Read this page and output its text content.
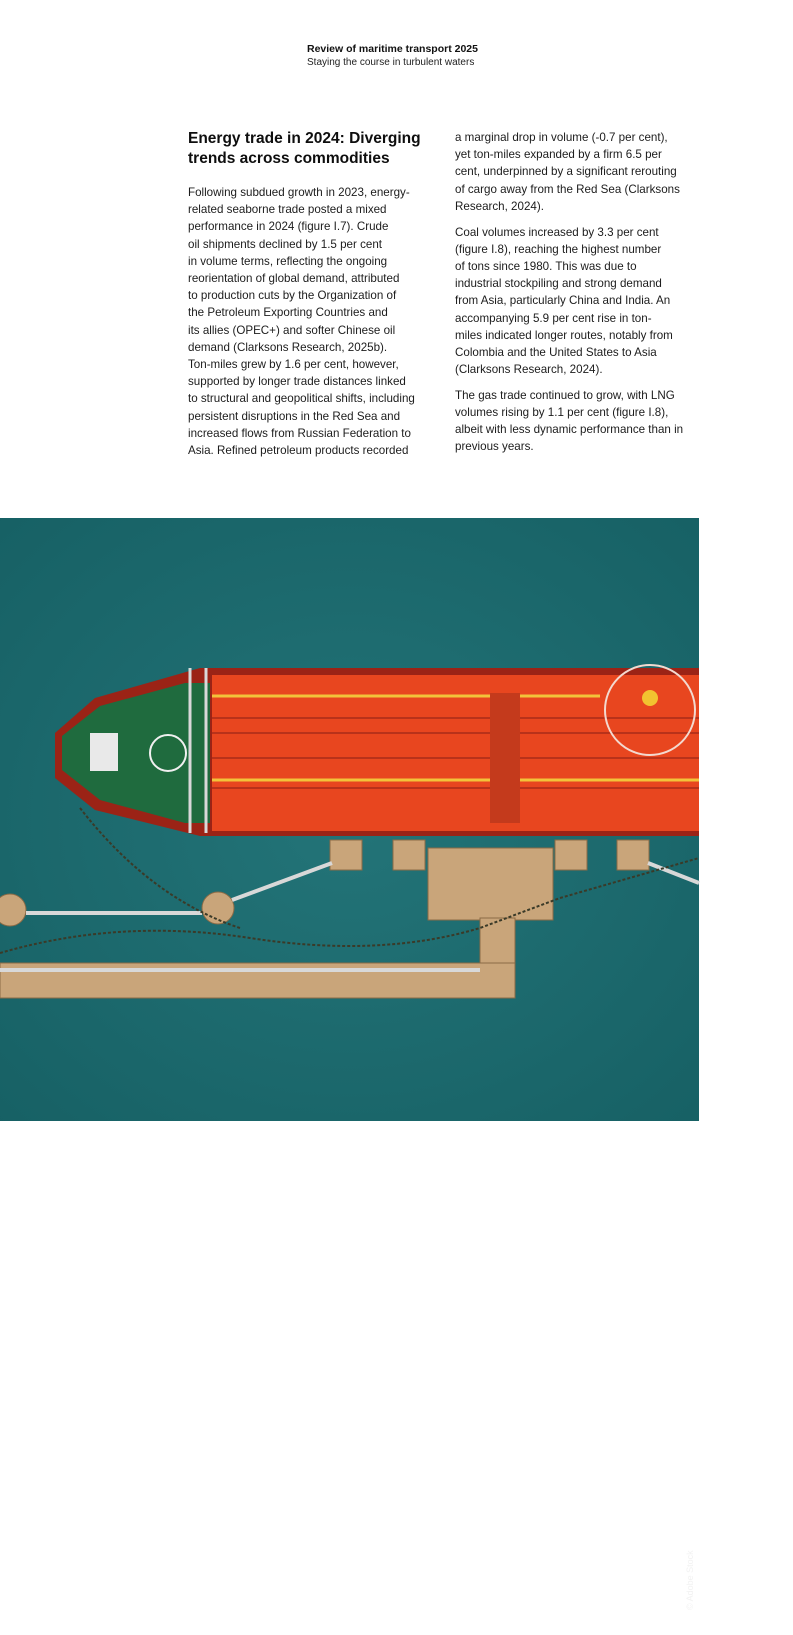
Review of maritime transport 2025
Staying the course in turbulent waters
Energy trade in 2024: Diverging
trends across commodities

Following subdued growth in 2023, energy-
related seaborne trade posted a mixed
performance in 2024 (figure I.7). Crude
oil shipments declined by 1.5 per cent
in volume terms, reflecting the ongoing
reorientation of global demand, attributed
to production cuts by the Organization of
the Petroleum Exporting Countries and
its allies (OPEC+) and softer Chinese oil
demand (Clarksons Research, 2025b).
Ton-miles grew by 1.6 per cent, however,
supported by longer trade distances linked
to structural and geopolitical shifts, including
persistent disruptions in the Red Sea and
increased flows from Russian Federation to
Asia. Refined petroleum products recorded

a marginal drop in volume (-0.7 per cent),
yet ton-miles expanded by a firm 6.5 per
cent, underpinned by a significant rerouting
of cargo away from the Red Sea (Clarksons
Research, 2024).

Coal volumes increased by 3.3 per cent
(figure I.8), reaching the highest number
of tons since 1980. This was due to
industrial stockpiling and strong demand
from Asia, particularly China and India. An
accompanying 5.9 per cent rise in ton-
miles indicated longer routes, notably from
Colombia and the United States to Asia
(Clarksons Research, 2024).

The gas trade continued to grow, with LNG
volumes rising by 1.1 per cent (figure I.8),
albeit with less dynamic performance than in
previous years.

© Adobe Stock
大数跨境
